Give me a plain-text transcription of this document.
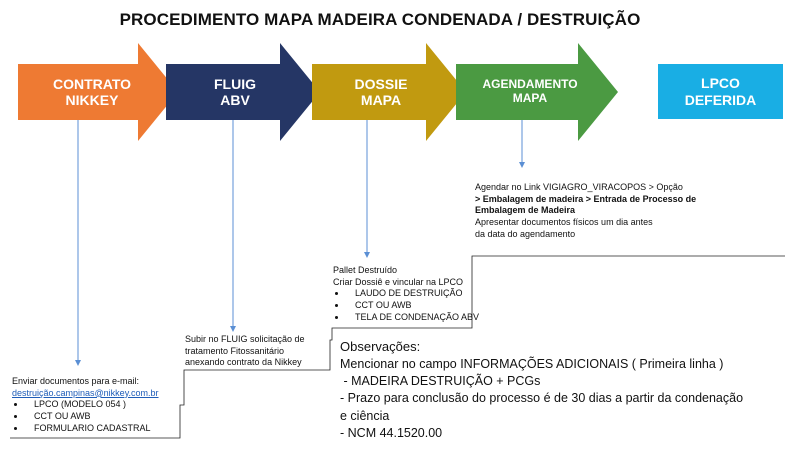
PROCEDIMENTO MAPA MADEIRA CONDENADA / DESTRUIÇÃO
CONTRATO
NIKKEY
FLUIG
ABV
DOSSIE
MAPA
AGENDAMENTO
MAPA
LPCO
DEFERIDA
Agendar no Link VIGIAGRO_VIRACOPOS > Opção
> Embalagem de madeira > Entrada de Processo de
Embalagem de Madeira
Apresentar documentos físicos um dia antes
da data do agendamento
Pallet Destruído
Criar Dossiê e vincular na LPCO
• LAUDO DE DESTRUIÇÃO
• CCT OU AWB
• TELA DE CONDENAÇÃO ABV
Subir no FLUIG solicitação de
tratamento Fitossanitário
anexando contrato da Nikkey
Enviar documentos para e-mail:
destruição.campinas@nikkey.com.br
• LPCO (MODELO 054 )
• CCT OU AWB
• FORMULARIO CADASTRAL
Observações:
Mencionar no campo INFORMAÇÕES ADICIONAIS ( Primeira linha )
- MADEIRA DESTRUIÇÃO + PCGs
- Prazo para conclusão do processo é de 30 dias a partir da condenação
e ciência
- NCM 44.1520.00
